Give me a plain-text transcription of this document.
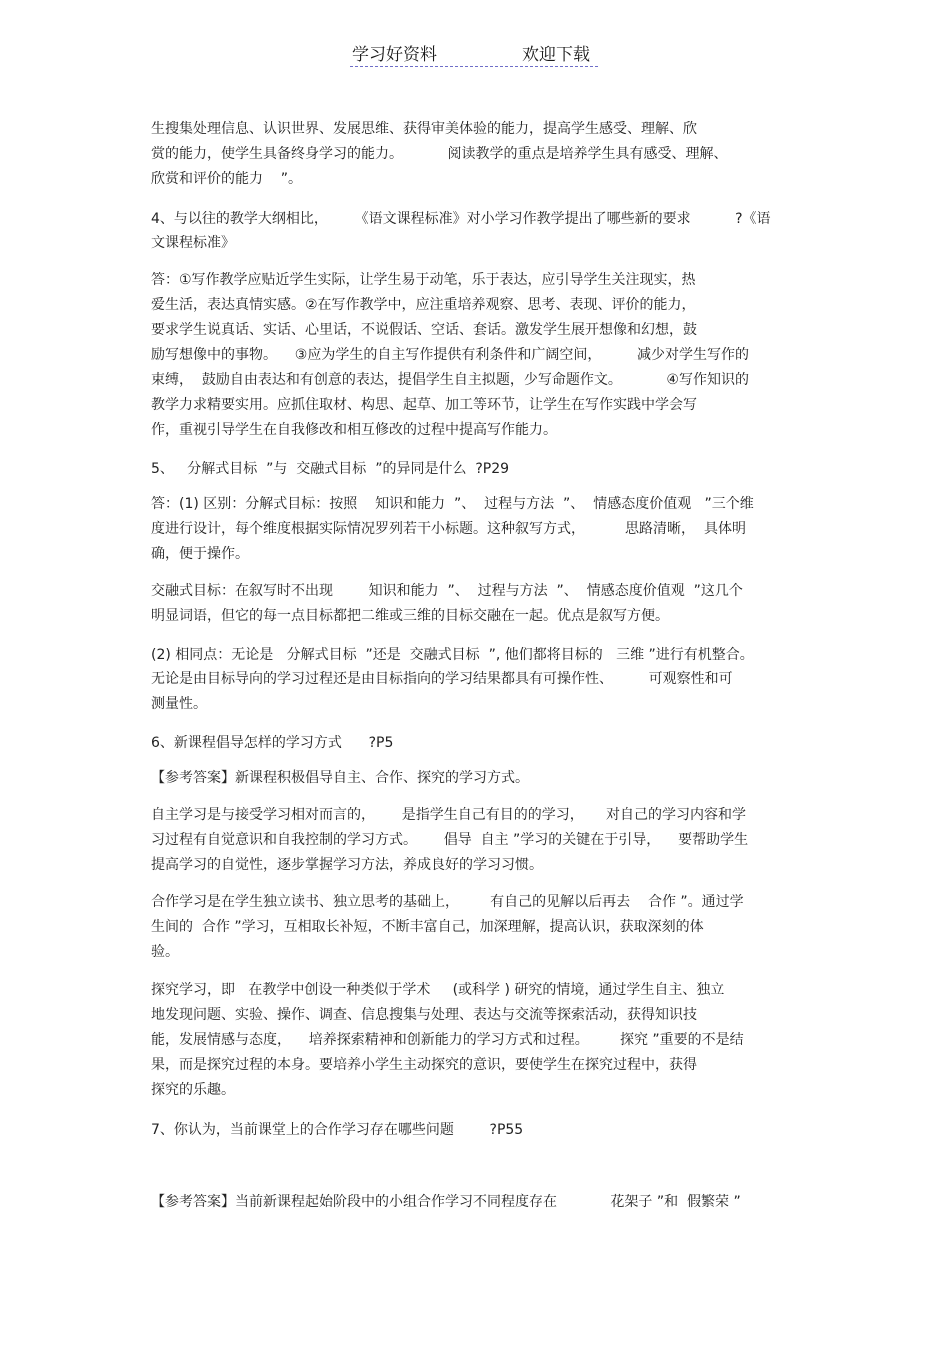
学习好资料	欢迎下载
生搜集处理信息、认识世界、发展思维、获得审美体验的能力，提高学生感受、理解、欣
赏的能力，使学生具备终身学习的能力。          阅读教学的重点是培养学生具有感受、理解、
欣赏和评价的能力    ”。
4、与以往的教学大纲相比，      《语文课程标准》对小学习作教学提出了哪些新的要求          ?《语
文课程标准》
答：①写作教学应贴近学生实际，让学生易于动笔，乐于表达，应引导学生关注现实，热
爱生活，表达真情实感。②在写作教学中，应注重培养观察、思考、表现、评价的能力，
要求学生说真话、实话、心里话，不说假话、空话、套话。激发学生展开想像和幻想，鼓
励写想像中的事物。    ③应为学生的自主写作提供有利条件和广阔空间，        减少对学生写作的
束缚，  鼓励自由表达和有创意的表达，提倡学生自主拟题，少写命题作文。          ④写作知识的
教学力求精要实用。应抓住取材、构思、起草、加工等环节，让学生在写作实践中学会写
作，重视引导学生在自我修改和相互修改的过程中提高写作能力。
5、   分解式目标  ”与  交融式目标  ”的异同是什么  ?P29
答：(1) 区别：分解式目标：按照    知识和能力  ”、  过程与方法  ”、  情感态度价值观   ”三个维
度进行设计，每个维度根据实际情况罗列若干小标题。这种叙写方式，         思路清晰，  具体明
确，便于操作。
交融式目标：在叙写时不出现        知识和能力  ”、  过程与方法  ”、  情感态度价值观  ”这几个
明显词语，但它的每一点目标都把二维或三维的目标交融在一起。优点是叙写方便。
(2) 相同点：无论是   分解式目标  ”还是  交融式目标  ”, 他们都将目标的   三维 ”进行有机整合。
无论是由目标导向的学习过程还是由目标指向的学习结果都具有可操作性、        可观察性和可
测量性。
6、新课程倡导怎样的学习方式      ?P5
【参考答案】新课程积极倡导自主、合作、探究的学习方式。
自主学习是与接受学习相对而言的，      是指学生自己有目的的学习，     对自己的学习内容和学
习过程有自觉意识和自我控制的学习方式。      倡导  自主 ”学习的关键在于引导，    要帮助学生
提高学习的自觉性，逐步掌握学习方法，养成良好的学习习惯。
合作学习是在学生独立读书、独立思考的基础上，       有自己的见解以后再去    合作 ”。通过学
生间的  合作 ”学习，互相取长补短，不断丰富自己，加深理解，提高认识，获取深刻的体
验。
探究学习，即   在教学中创设一种类似于学术     (或科学 ) 研究的情境，通过学生自主、独立
地发现问题、实验、操作、调查、信息搜集与处理、表达与交流等探索活动，获得知识技
能，发展情感与态度，    培养探索精神和创新能力的学习方式和过程。       探究 ”重要的不是结
果，而是探究过程的本身。要培养小学生主动探究的意识，要使学生在探究过程中，获得
探究的乐趣。
7、你认为，当前课堂上的合作学习存在哪些问题        ?P55
【参考答案】当前新课程起始阶段中的小组合作学习不同程度存在            花架子 ”和  假繁荣 ”
